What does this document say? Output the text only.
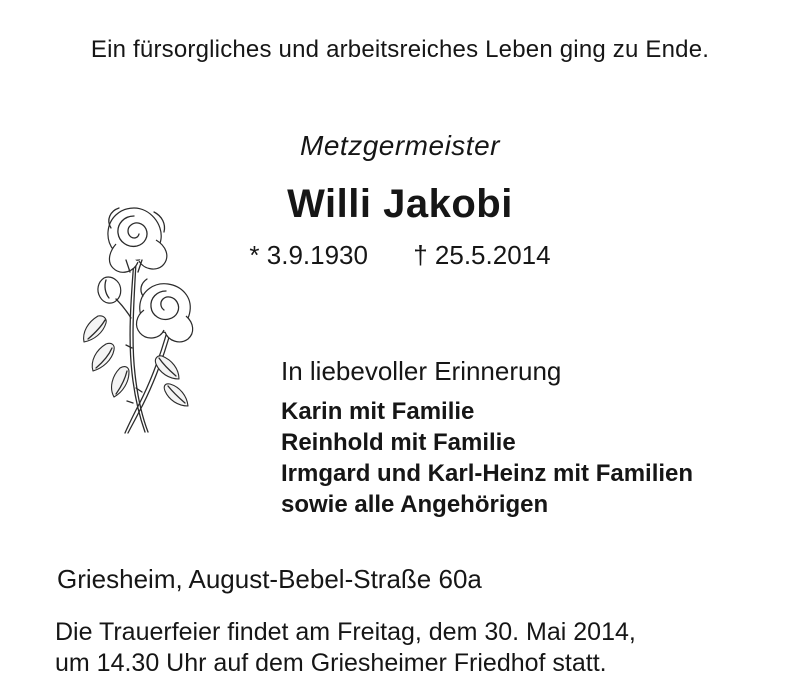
Ein fürsorgliches und arbeitsreiches Leben ging zu Ende.
Metzgermeister
Willi Jakobi
* 3.9.1930 † 25.5.2014
In liebevoller Erinnerung
Karin mit Familie
Reinhold mit Familie
Irmgard und Karl-Heinz mit Familien
sowie alle Angehörigen
Griesheim, August-Bebel-Straße 60a
Die Trauerfeier findet am Freitag, dem 30. Mai 2014,
um 14.30 Uhr auf dem Griesheimer Friedhof statt.
